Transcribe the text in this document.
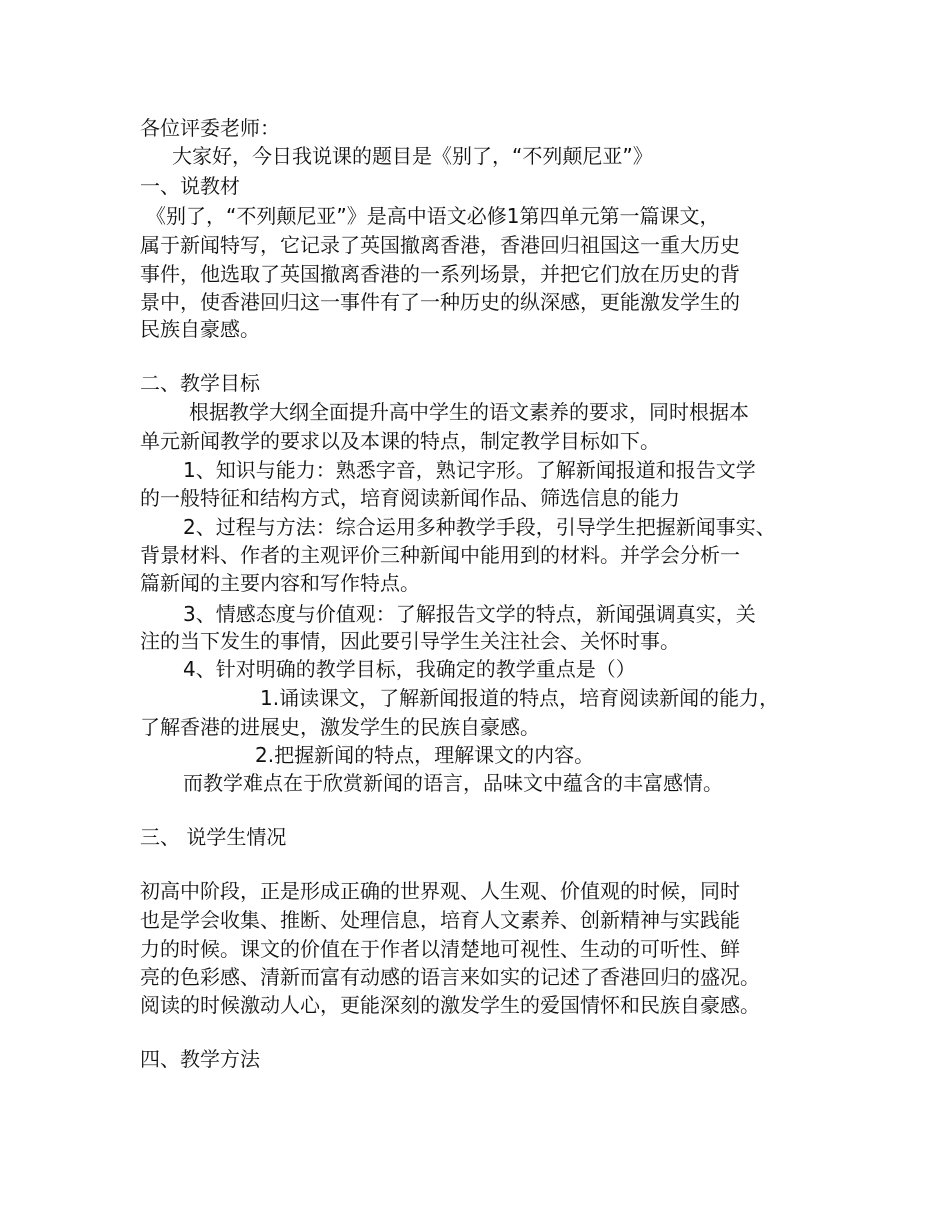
各位评委老师：
大家好，今日我说课的题目是《别了，“不列颠尼亚”》
一、说教材
《别了，“不列颠尼亚”》是高中语文必修1第四单元第一篇课文，
属于新闻特写，它记录了英国撤离香港，香港回归祖国这一重大历史
事件，他选取了英国撤离香港的一系列场景，并把它们放在历史的背
景中，使香港回归这一事件有了一种历史的纵深感，更能激发学生的
民族自豪感。
二、教学目标
根据教学大纲全面提升高中学生的语文素养的要求，同时根据本
单元新闻教学的要求以及本课的特点，制定教学目标如下。
1、知识与能力：熟悉字音，熟记字形。了解新闻报道和报告文学
的一般特征和结构方式，培育阅读新闻作品、筛选信息的能力
2、过程与方法：综合运用多种教学手段，引导学生把握新闻事实、
背景材料、作者的主观评价三种新闻中能用到的材料。并学会分析一
篇新闻的主要内容和写作特点。
3、情感态度与价值观：了解报告文学的特点，新闻强调真实，关
注的当下发生的事情，因此要引导学生关注社会、关怀时事。
4、针对明确的教学目标，我确定的教学重点是（）
1.诵读课文，了解新闻报道的特点，培育阅读新闻的能力，
了解香港的进展史，激发学生的民族自豪感。
2.把握新闻的特点，理解课文的内容。
而教学难点在于欣赏新闻的语言，品味文中蕴含的丰富感情。
三、 说学生情况
初高中阶段，正是形成正确的世界观、人生观、价值观的时候，同时
也是学会收集、推断、处理信息，培育人文素养、创新精神与实践能
力的时候。课文的价值在于作者以清楚地可视性、生动的可听性、鲜
亮的色彩感、清新而富有动感的语言来如实的记述了香港回归的盛况。
阅读的时候激动人心，更能深刻的激发学生的爱国情怀和民族自豪感。
四、教学方法
